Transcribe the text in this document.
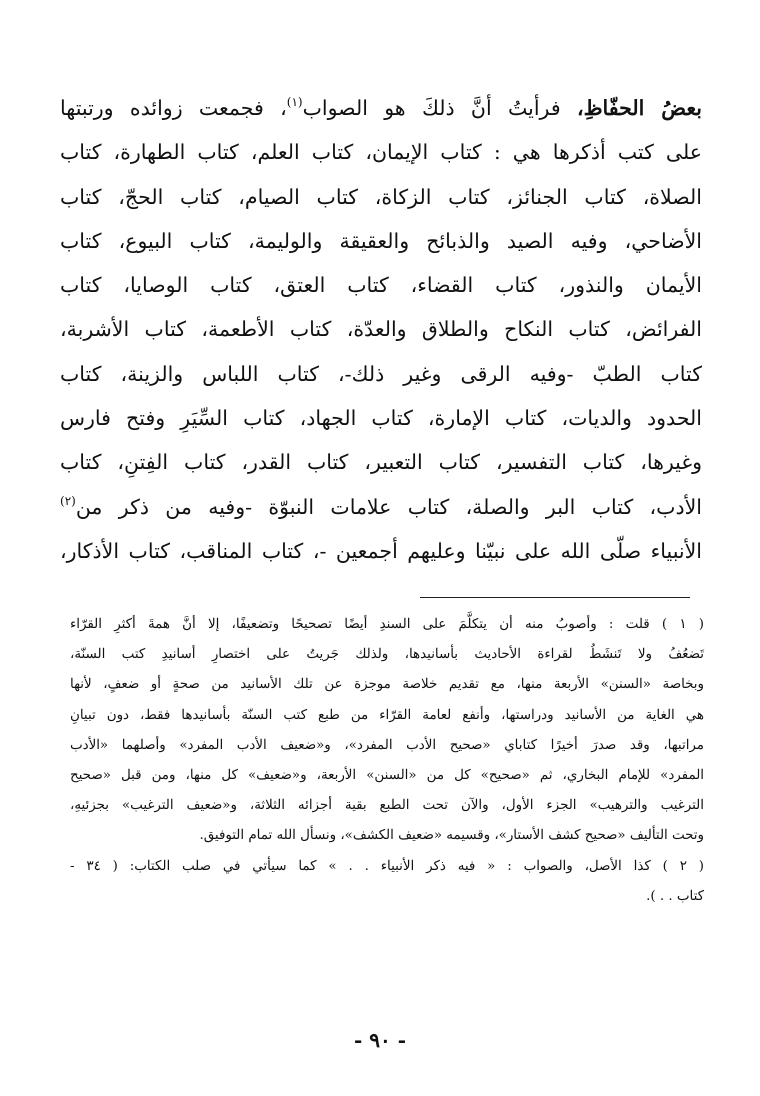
بعضُ الحفّاظِ، فرأيتُ أنَّ ذلكَ هو الصواب$^{(١)}$، فجمعت زوائده ورتبتها
على كتب أذكرها هي : كتاب الإيمان، كتاب العلم، كتاب الطهارة، كتاب
الصلاة، كتاب الجنائز، كتاب الزكاة، كتاب الصيام، كتاب الحجّ، كتاب
الأضاحي، وفيه الصيد والذبائح والعقيقة والوليمة، كتاب البيوع، كتاب
الأيمان والنذور، كتاب القضاء، كتاب العتق، كتاب الوصايا، كتاب
الفرائض، كتاب النكاح والطلاق والعدّة، كتاب الأطعمة، كتاب الأشربة،
كتاب الطبّ -وفيه الرقى وغير ذلك-، كتاب اللباس والزينة، كتاب
الحدود والديات، كتاب الإمارة، كتاب الجهاد، كتاب السِّيَرِ وفتح فارس
وغيرها، كتاب التفسير، كتاب التعبير، كتاب القدر، كتاب الفِتنِ، كتاب
الأدب، كتاب البر والصلة، كتاب علامات النبوّة -وفيه من ذكر من$^{(٢)}$
الأنبياء صلّى الله على نبيّنا وعليهم أجمعين -، كتاب المناقب، كتاب الأذكار،
( ١ ) قلت : وأصوبُ منه أن يتكلَّمَ على السندِ أيضًا تصحيحًا وتضعيفًا، إلا أنَّ همةَ أكثرِ القرّاء
تَضعُفُ ولا تَنشَطُ لقراءة الأحاديث بأسانيدها، ولذلك جَريتُ على اختصارِ أسانيدِ كتب السنّة،
وبخاصة «السنن» الأربعة منها، مع تقديم خلاصة موجزة عن تلك الأسانيد من صحةٍ أو ضعفٍ، لأنها
هي الغاية من الأسانيد ودراستها، وأنفع لعامة القرّاء من طبع كتب السنّة بأسانيدها فقط، دون تبيانِ
مراتبها، وقد صدرَ أخيرًا كتاباي «صحيح الأدب المفرد»، و«ضعيف الأدب المفرد» وأصلهما «الأدب
المفرد» للإمام البخاري، ثم «صحيح» كل من «السنن» الأربعة، و«ضعيف» كل منها، ومن قبل «صحيح
الترغيب والترهيب» الجزء الأول، والآن تحت الطبع بقية أجزائه الثلاثة، و«ضعيف الترغيب» بجزئيهِ،
وتحت التأليف «صحيح كشف الأستار»، وقسيمه «ضعيف الكشف»، ونسأل الله تمام التوفيق.
( ٢ ) كذا الأصل، والصواب : « فيه ذكر الأنبياء . . » كما سيأتي في صلب الكتاب: ( ٣٤ -
كتاب . . ).
- ٩٠ -
